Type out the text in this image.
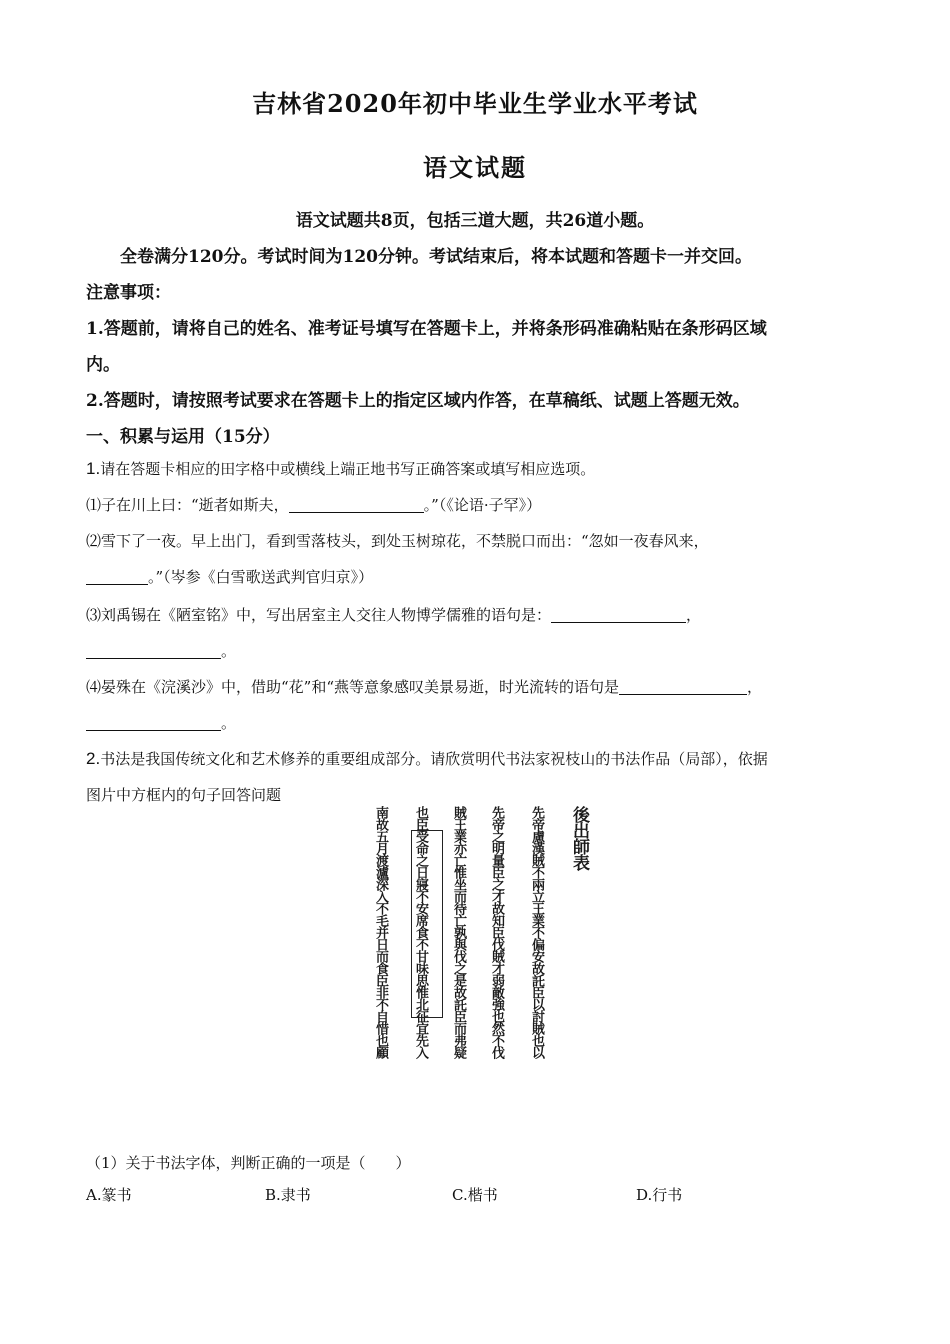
吉林省2020年初中毕业生学业水平考试
语文试题
语文试题共8页，包括三道大题，共26道小题。
全卷满分120分。考试时间为120分钟。考试结束后，将本试题和答题卡一并交回。
注意事项：
1.答题前，请将自己的姓名、准考证号填写在答题卡上，并将条形码准确粘贴在条形码区域
内。
2.答题时，请按照考试要求在答题卡上的指定区域内作答，在草稿纸、试题上答题无效。
一、积累与运用（15分）
1.请在答题卡相应的田字格中或横线上端正地书写正确答案或填写相应选项。
⑴子在川上曰：“逝者如斯夫，	。”（《论语·子罕》）
⑵雪下了一夜。早上出门，看到雪落枝头，到处玉树琼花，不禁脱口而出：“忽如一夜春风来，
。”（岑参《白雪歌送武判官归京》）
⑶刘禹锡在《陋室铭》中，写出居室主人交往人物博学儒雅的语句是：	，
。
⑷晏殊在《浣溪沙》中，借助“花”和“燕等意象感叹美景易逝，时光流转的语句是	，
。
2.书法是我国传统文化和艺术修养的重要组成部分。请欣赏明代书法家祝枝山的书法作品（局部），依据
图片中方框内的句子回答问题
後出師表
先帝慮漢賊不兩立王業不偏安故託臣以討賊也以
先帝之明量臣之才故知臣伐賊才弱敵強也然不伐
賊王業亦亡惟坐而待亡孰與伐之是故託臣而弗疑
也臣受命之日寢不安席食不甘味思惟北征宜先入
南故五月渡瀘深入不毛并日而食臣非不自惜也顧
（1）关于书法字体，判断正确的一项是（　　）
A.篆书	B.隶书	C.楷书	D.行书
